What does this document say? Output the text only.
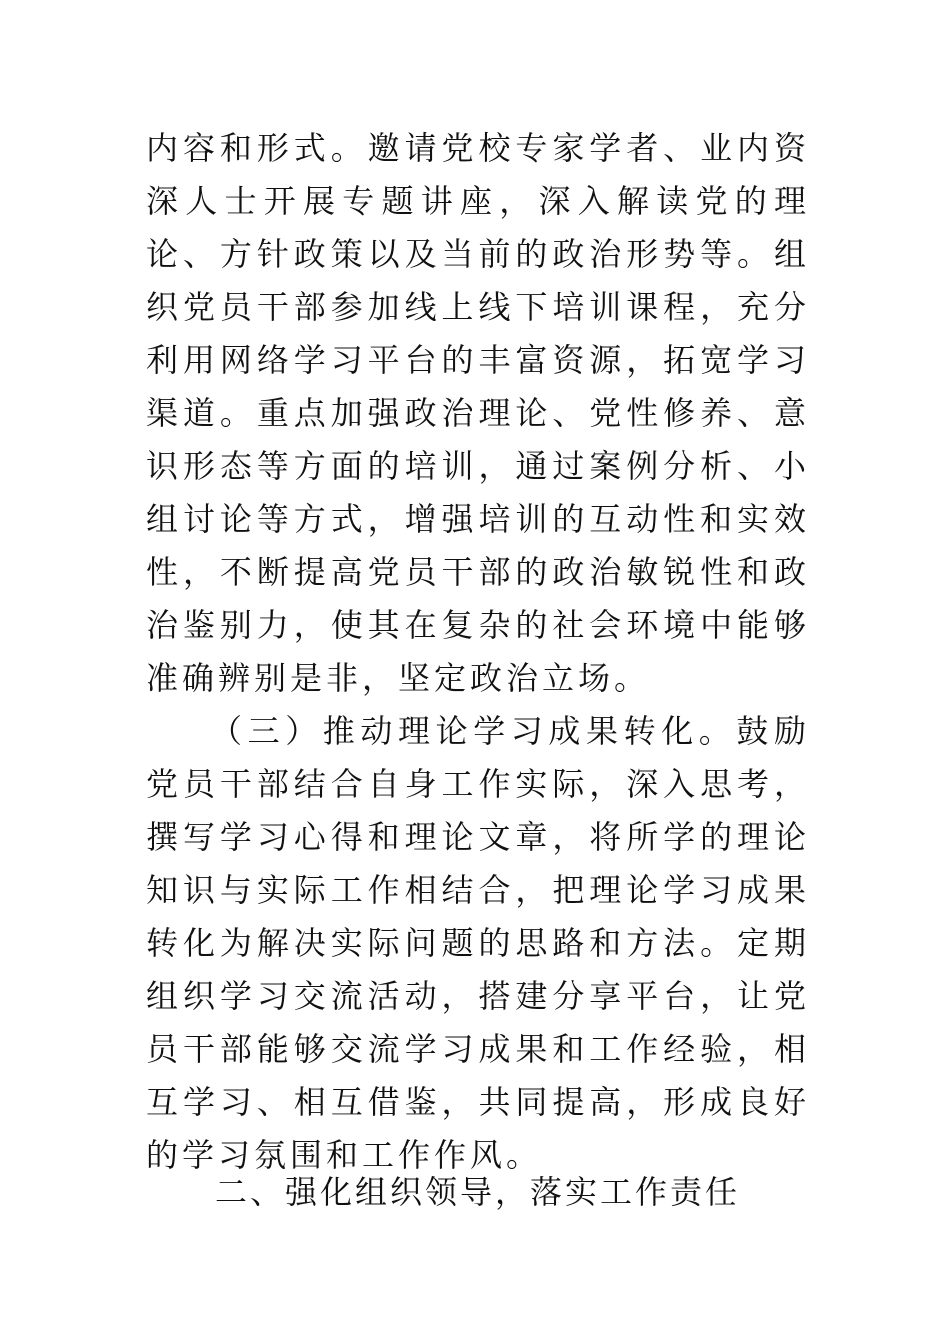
内容和形式。邀请党校专家学者、业内资
深人士开展专题讲座，深入解读党的理
论、方针政策以及当前的政治形势等。组
织党员干部参加线上线下培训课程，充分
利用网络学习平台的丰富资源，拓宽学习
渠道。重点加强政治理论、党性修养、意
识形态等方面的培训，通过案例分析、小
组讨论等方式，增强培训的互动性和实效
性，不断提高党员干部的政治敏锐性和政
治鉴别力，使其在复杂的社会环境中能够
准确辨别是非，坚定政治立场。
（三）推动理论学习成果转化。鼓励
党员干部结合自身工作实际，深入思考，
撰写学习心得和理论文章，将所学的理论
知识与实际工作相结合，把理论学习成果
转化为解决实际问题的思路和方法。定期
组织学习交流活动，搭建分享平台，让党
员干部能够交流学习成果和工作经验，相
互学习、相互借鉴，共同提高，形成良好
的学习氛围和工作作风。
二、强化组织领导，落实工作责任
